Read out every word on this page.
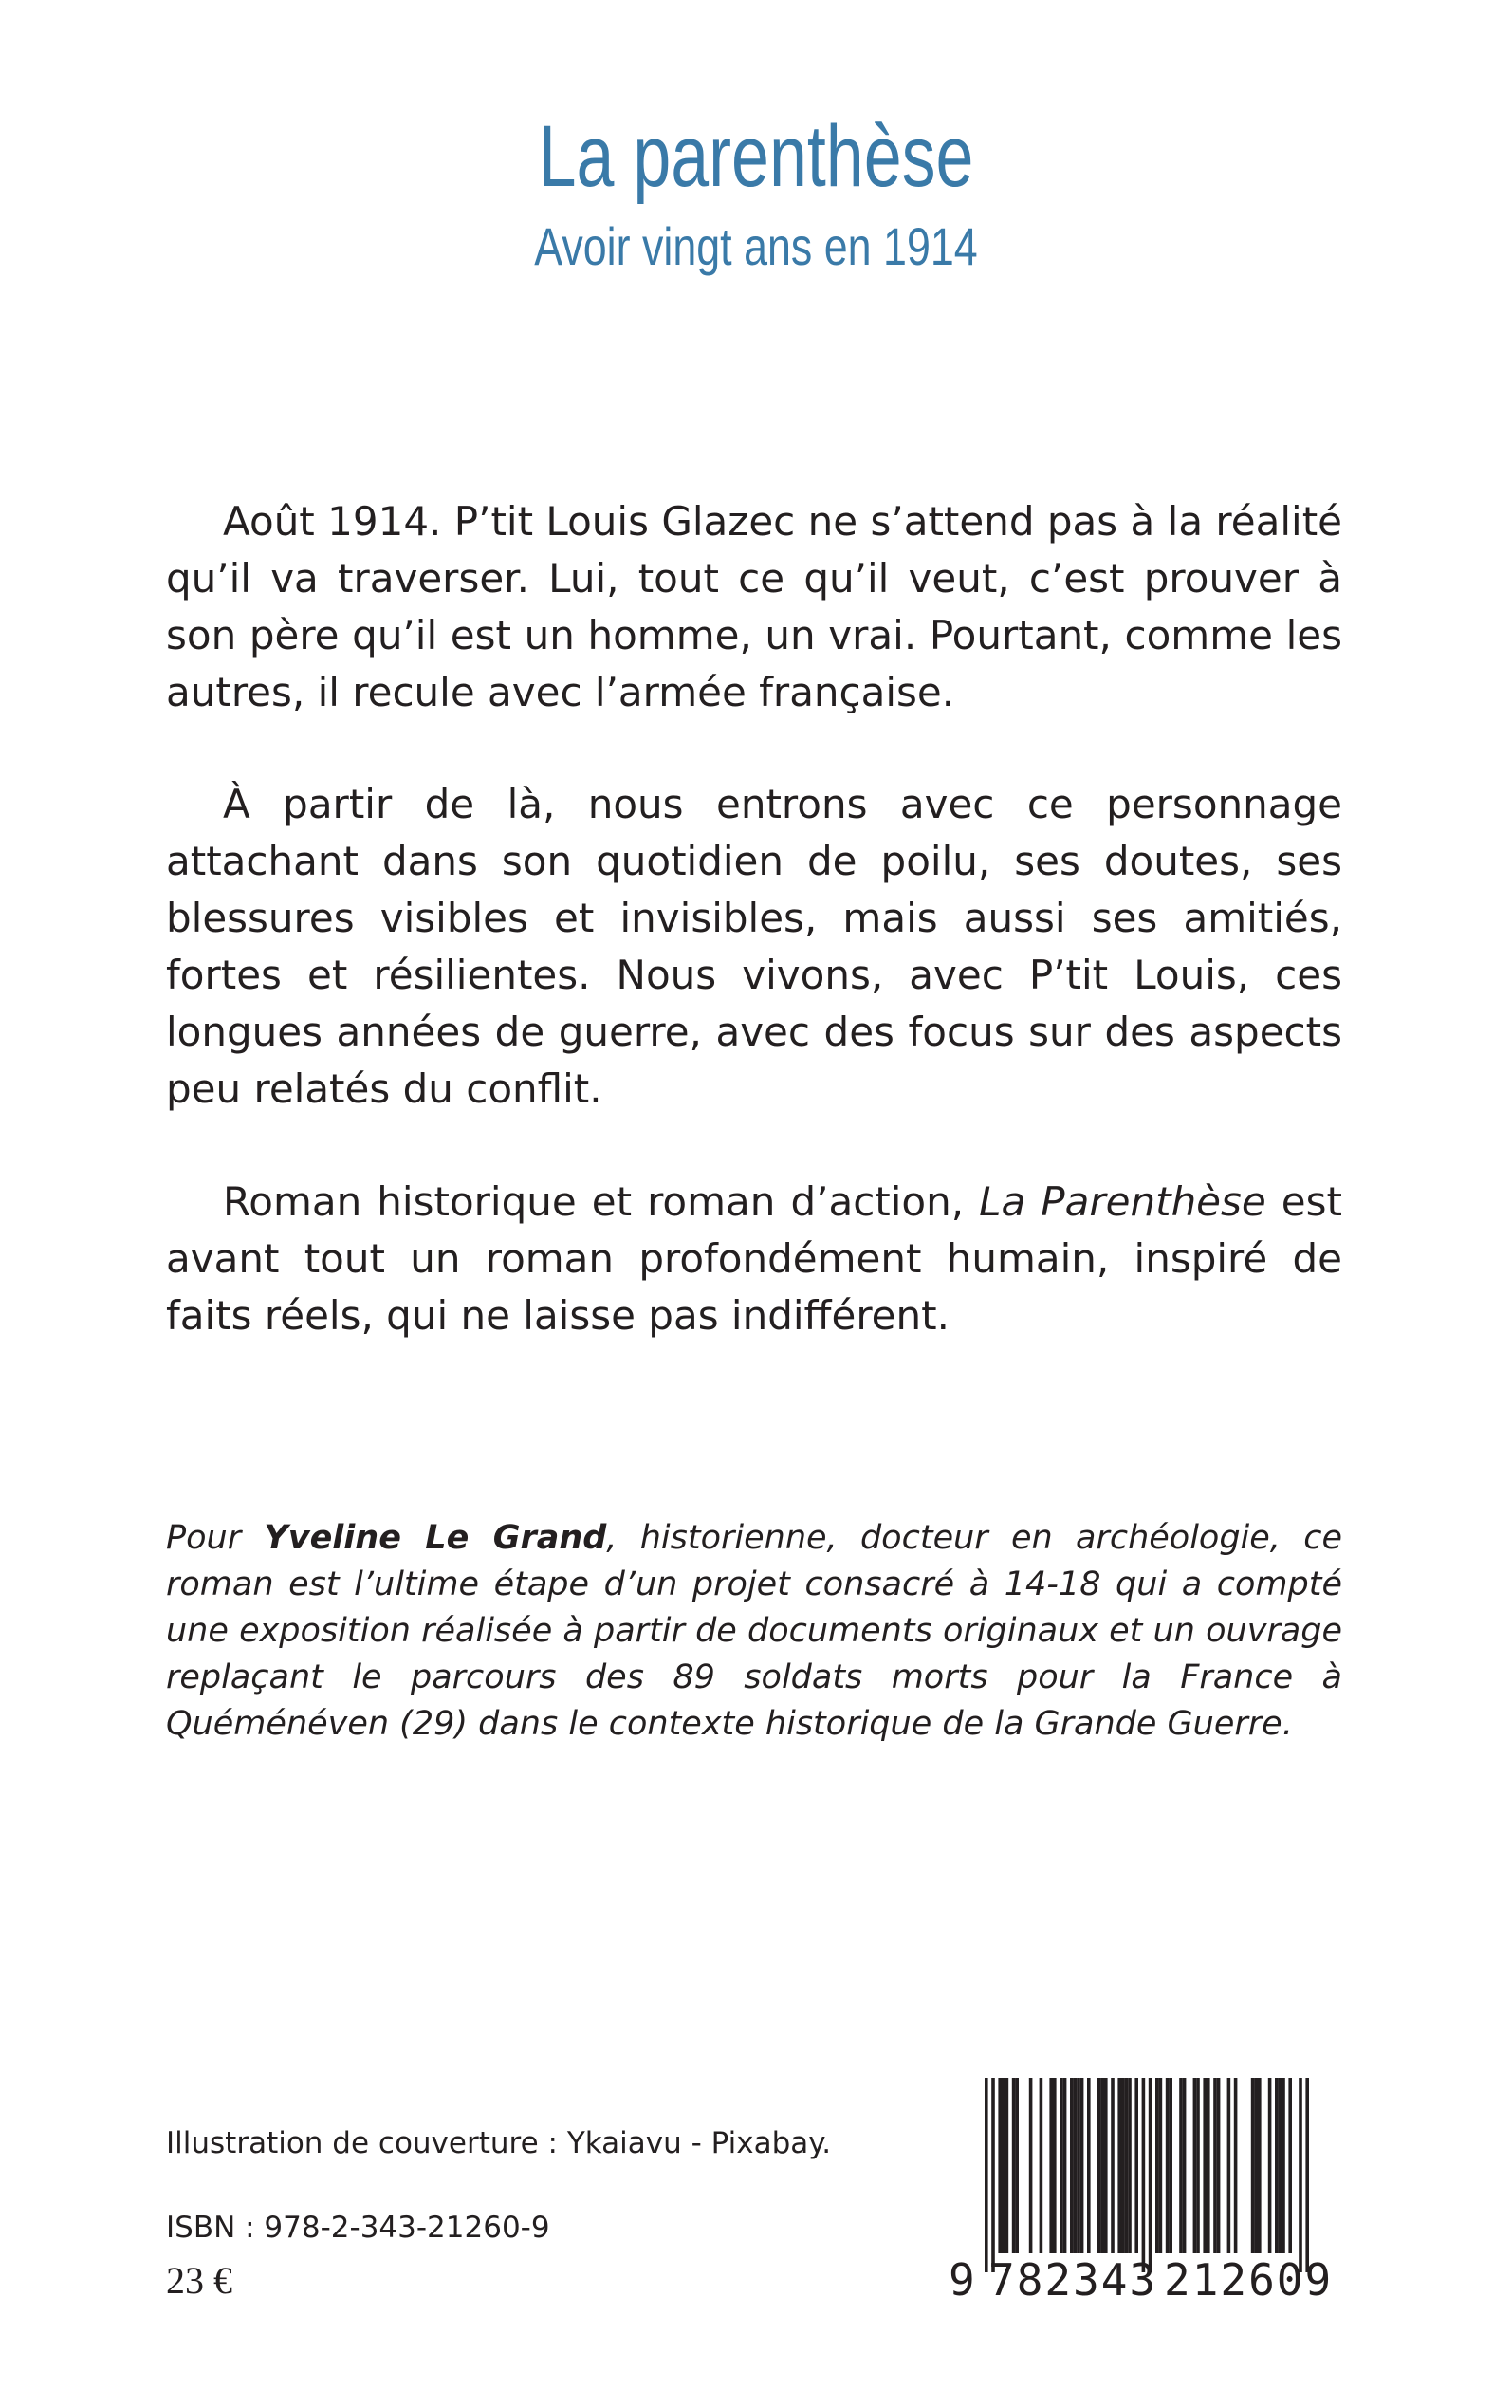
La parenthèse
Avoir vingt ans en 1914

Août 1914. P’tit Louis Glazec ne s’attend pas à la réalité qu’il va traverser. Lui, tout ce qu’il veut, c’est prouver à son père qu’il est un homme, un vrai. Pourtant, comme les autres, il recule avec l’armée française.

À partir de là, nous entrons avec ce personnage attachant dans son quotidien de poilu, ses doutes, ses blessures visibles et invisibles, mais aussi ses amitiés, fortes et résilientes. Nous vivons, avec P’tit Louis, ces longues années de guerre, avec des focus sur des aspects peu relatés du conflit.

Roman historique et roman d’action, La Parenthèse est avant tout un roman profondément humain, inspiré de faits réels, qui ne laisse pas indifférent.

Pour Yveline Le Grand, historienne, docteur en archéologie, ce roman est l’ultime étape d’un projet consacré à 14-18 qui a compté une exposition réalisée à partir de documents originaux et un ouvrage replaçant le parcours des 89 soldats morts pour la France à Quéménéven (29) dans le contexte historique de la Grande Guerre.

Illustration de couverture : Ykaiavu - Pixabay.
ISBN : 978-2-343-21260-9
23 €	9 782343 212609
